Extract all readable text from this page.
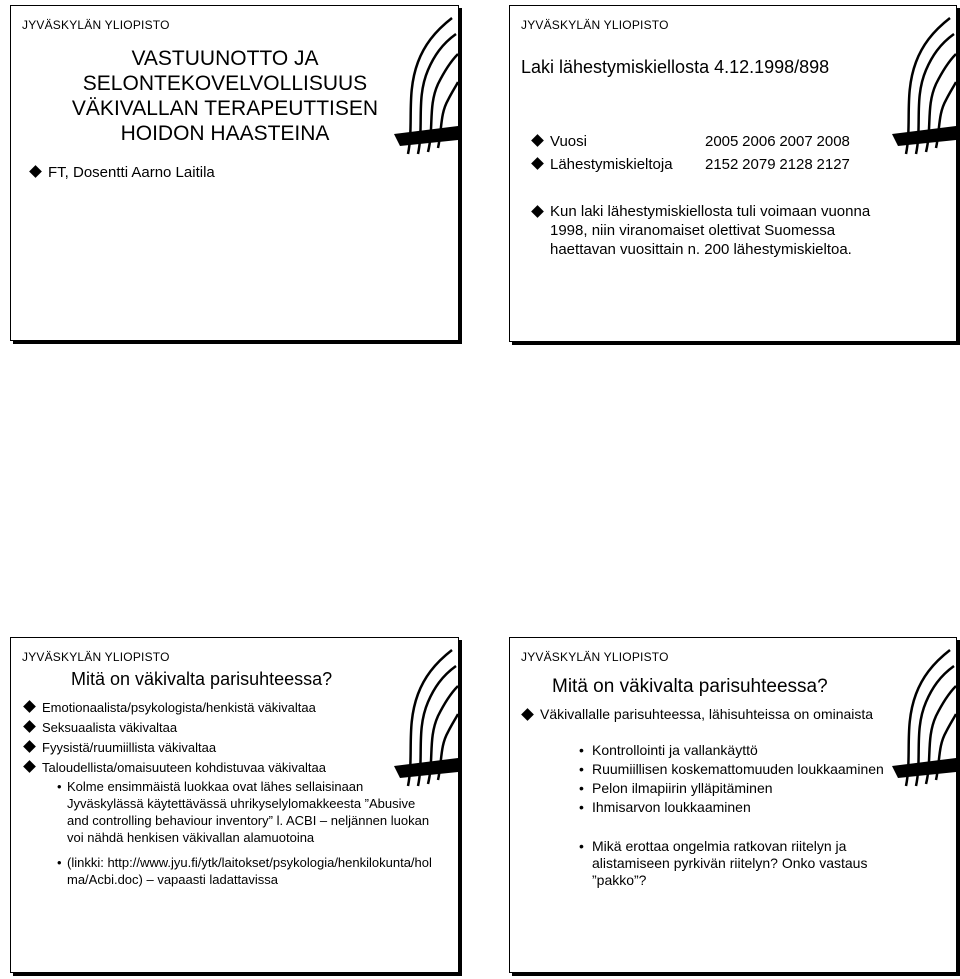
JYVÄSKYLÄN YLIOPISTO
VASTUUNOTTO JA
SELONTEKOVELVOLLISUUS
VÄKIVALLAN TERAPEUTTISEN
HOIDON HAASTEINA
FT, Dosentti Aarno Laitila
JYVÄSKYLÄN YLIOPISTO
Laki lähestymiskiellosta 4.12.1998/898
Vuosi	2005 2006 2007 2008
Lähestymiskieltoja	2152 2079 2128 2127
Kun laki lähestymiskiellosta tuli voimaan vuonna 1998, niin viranomaiset olettivat Suomessa haettavan vuosittain n. 200 lähestymiskieltoa.
JYVÄSKYLÄN YLIOPISTO
Mitä on väkivalta parisuhteessa?
Emotionaalista/psykologista/henkistä väkivaltaa
Seksuaalista väkivaltaa
Fyysistä/ruumiillista väkivaltaa
Taloudellista/omaisuuteen kohdistuvaa väkivaltaa
• Kolme ensimmäistä luokkaa ovat lähes sellaisinaan Jyväskylässä käytettävässä uhrikyselylomakkeesta ”Abusive and controlling behaviour inventory” l. ACBI – neljännen luokan voi nähdä henkisen väkivallan alamuotoina
• (linkki: http://www.jyu.fi/ytk/laitokset/psykologia/henkilokunta/holma/Acbi.doc) – vapaasti ladattavissa
JYVÄSKYLÄN YLIOPISTO
Mitä on väkivalta parisuhteessa?
Väkivallalle parisuhteessa, lähisuhteissa on ominaista
• Kontrollointi ja vallankäyttö
• Ruumiillisen koskemattomuuden loukkaaminen
• Pelon ilmapiirin ylläpitäminen
• Ihmisarvon loukkaaminen
• Mikä erottaa ongelmia ratkovan riitelyn ja alistamiseen pyrkivän riitelyn? Onko vastaus ”pakko”?
